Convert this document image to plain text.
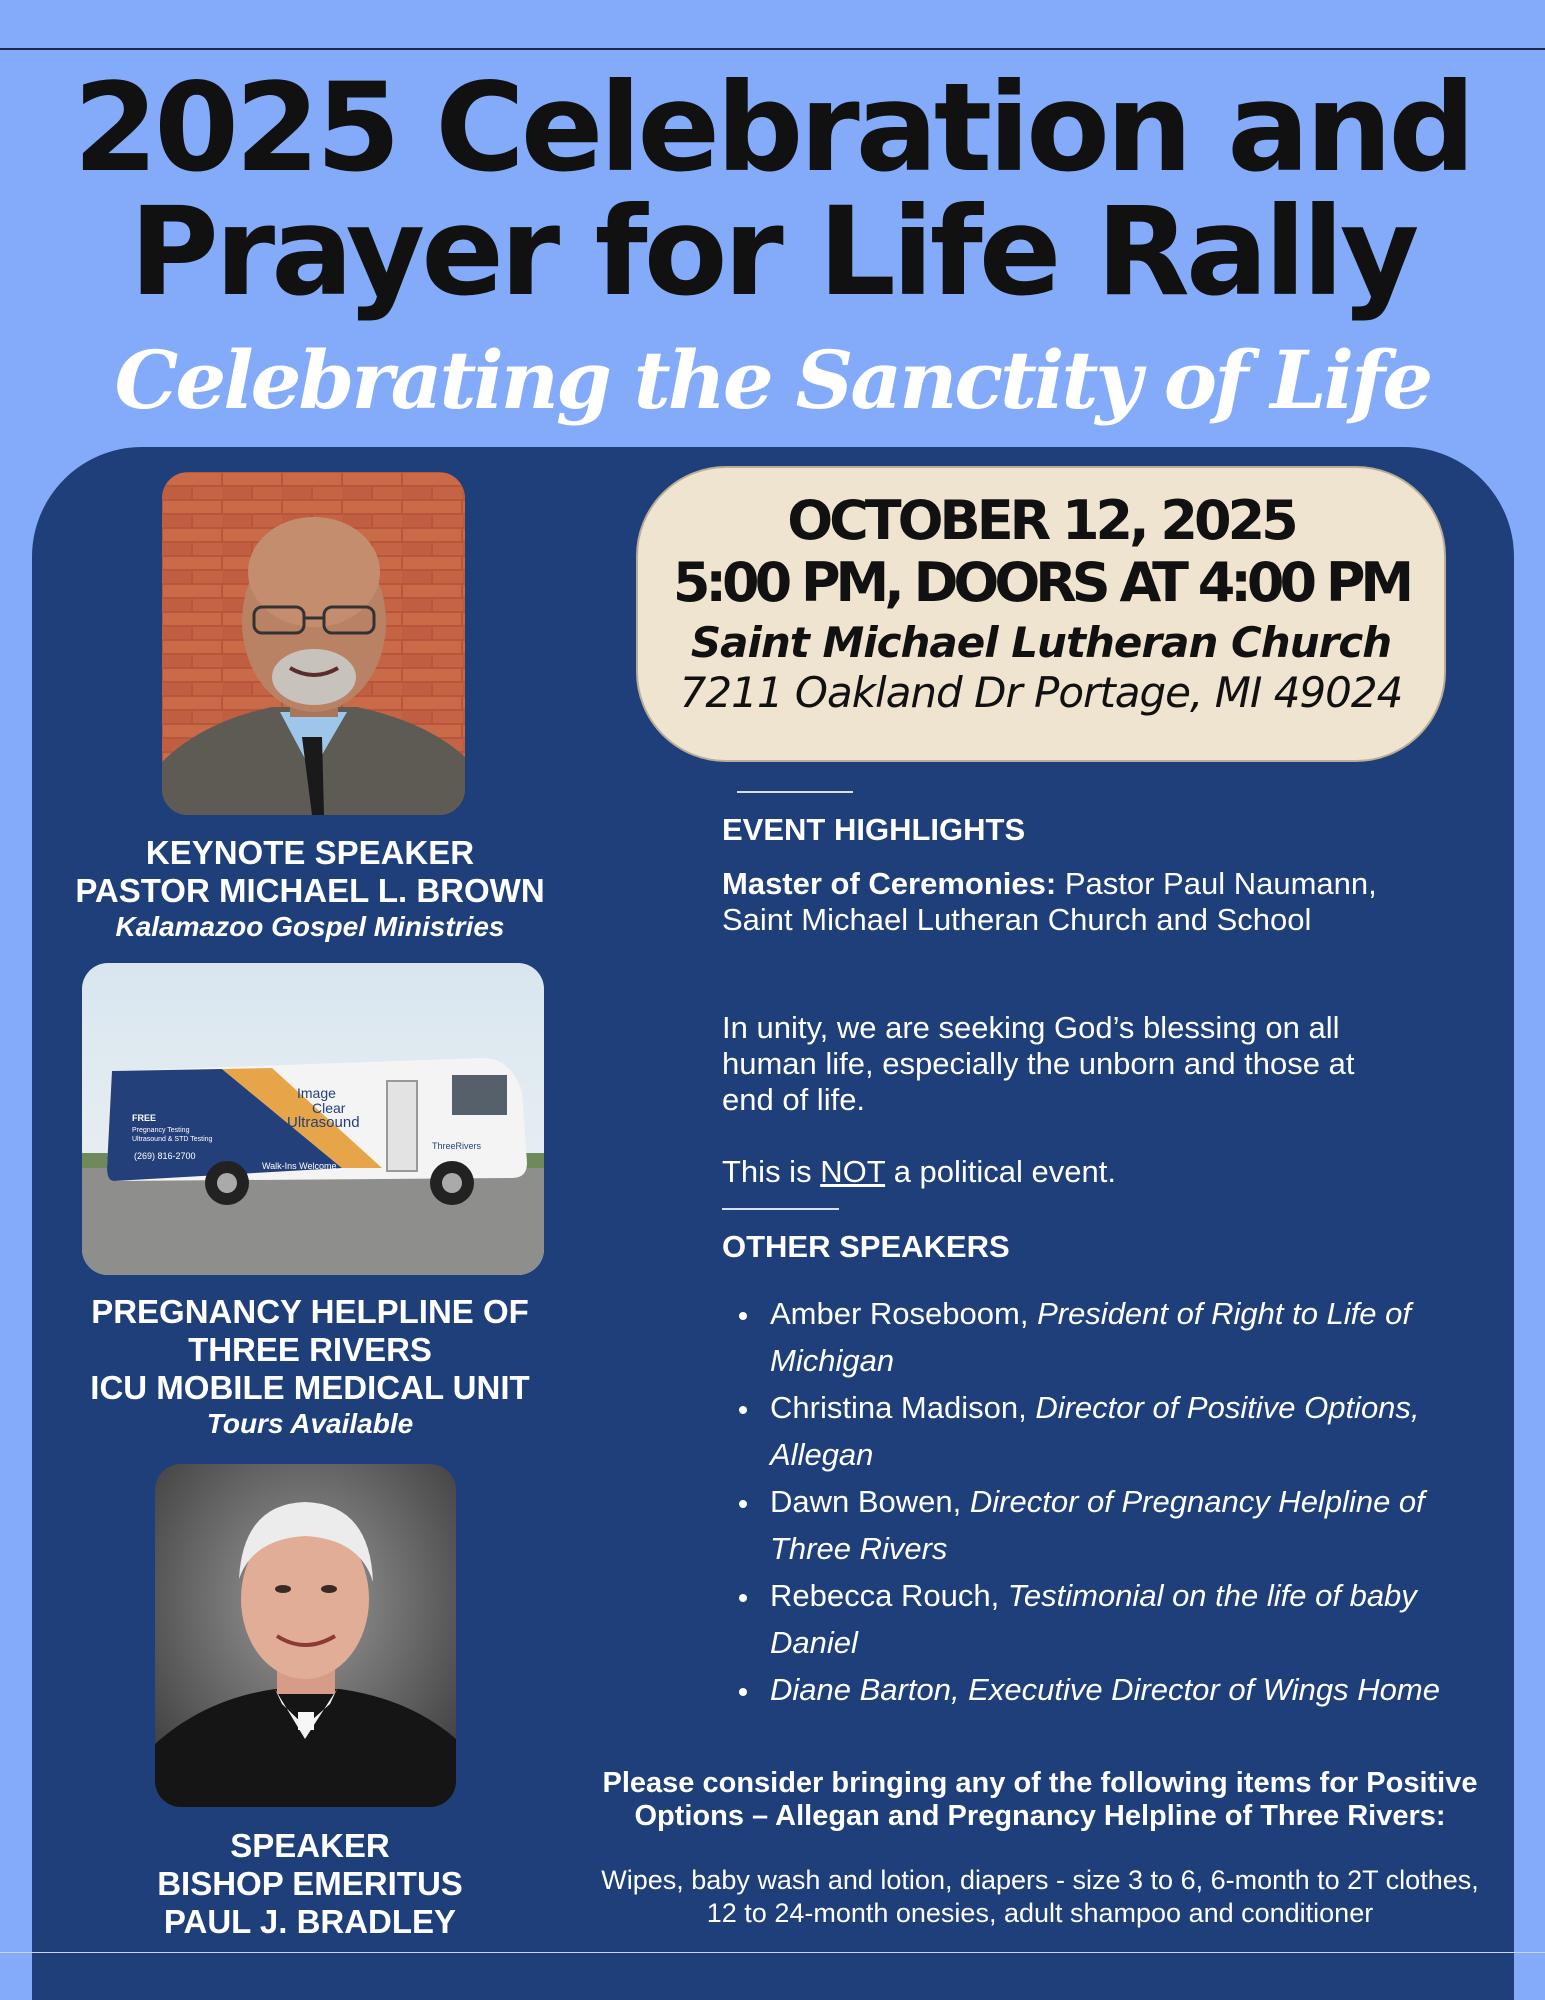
2025 Celebration and
Prayer for Life Rally
Celebrating the Sanctity of Life
KEYNOTE SPEAKER
PASTOR MICHAEL L. BROWN
Kalamazoo Gospel Ministries
Image
Clear
Ultrasound
FREE
Pregnancy Testing
Ultrasound & STD Testing
(269) 816-2700
Walk-Ins Welcome
ThreeRivers
PREGNANCY HELPLINE OF
THREE RIVERS
ICU MOBILE MEDICAL UNIT
Tours Available
SPEAKER
BISHOP EMERITUS
PAUL J. BRADLEY
OCTOBER 12, 2025
5:00 PM, DOORS AT 4:00 PM
Saint Michael Lutheran Church
7211 Oakland Dr Portage, MI 49024
EVENT HIGHLIGHTS

Master of Ceremonies: Pastor Paul Naumann, Saint Michael Lutheran Church and School

In unity, we are seeking God’s blessing on all human life, especially the unborn and those at end of life.

This is NOT a political event.

OTHER SPEAKERS
Amber Roseboom, President of Right to Life of Michigan
Christina Madison, Director of Positive Options, Allegan
Dawn Bowen, Director of Pregnancy Helpline of Three Rivers
Rebecca Rouch, Testimonial on the life of baby Daniel
Diane Barton, Executive Director of Wings Home

Please consider bringing any of the following items for Positive Options – Allegan and Pregnancy Helpline of Three Rivers:

Wipes, baby wash and lotion, diapers - size 3 to 6, 6-month to 2T clothes, 12 to 24-month onesies, adult shampoo and conditioner
